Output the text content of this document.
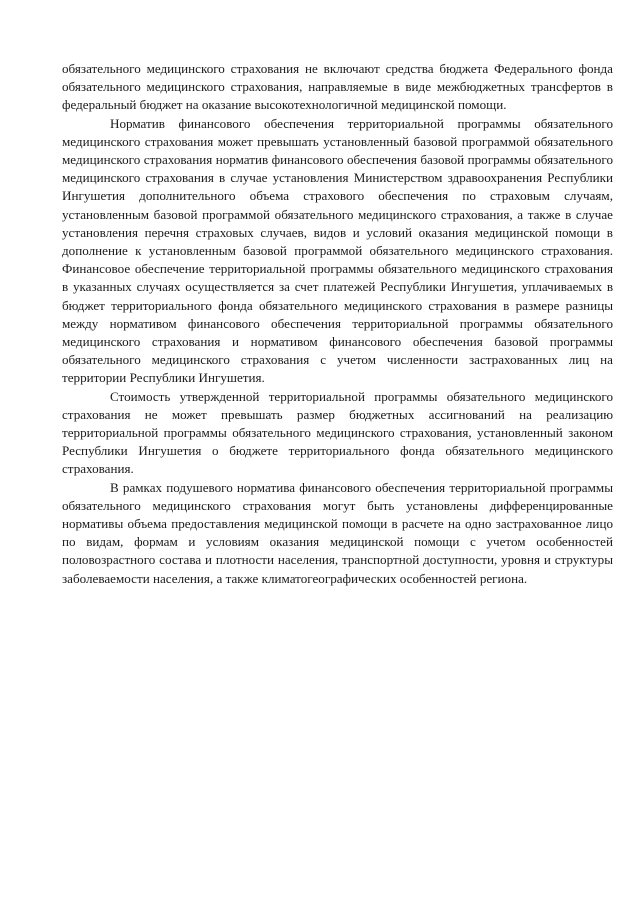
обязательного медицинского страхования не включают средства бюджета Федерального фонда обязательного медицинского страхования, направляемые в виде межбюджетных трансфертов в федеральный бюджет на оказание высокотехнологичной медицинской помощи.

Норматив финансового обеспечения территориальной программы обязательного медицинского страхования может превышать установленный базовой программой обязательного медицинского страхования норматив финансового обеспечения базовой программы обязательного медицинского страхования в случае установления Министерством здравоохранения Республики Ингушетия дополнительного объема страхового обеспечения по страховым случаям, установленным базовой программой обязательного медицинского страхования, а также в случае установления перечня страховых случаев, видов и условий оказания медицинской помощи в дополнение к установленным базовой программой обязательного медицинского страхования. Финансовое обеспечение территориальной программы обязательного медицинского страхования в указанных случаях осуществляется за счет платежей Республики Ингушетия, уплачиваемых в бюджет территориального фонда обязательного медицинского страхования в размере разницы между нормативом финансового обеспечения территориальной программы обязательного медицинского страхования и нормативом финансового обеспечения базовой программы обязательного медицинского страхования с учетом численности застрахованных лиц на территории Республики Ингушетия.

Стоимость утвержденной территориальной программы обязательного медицинского страхования не может превышать размер бюджетных ассигнований на реализацию территориальной программы обязательного медицинского страхования, установленный законом Республики Ингушетия о бюджете территориального фонда обязательного медицинского страхования.

В рамках подушевого норматива финансового обеспечения территориальной программы обязательного медицинского страхования могут быть установлены дифференцированные нормативы объема предоставления медицинской помощи в расчете на одно застрахованное лицо по видам, формам и условиям оказания медицинской помощи с учетом особенностей половозрастного состава и плотности населения, транспортной доступности, уровня и структуры заболеваемости населения, а также климатогеографических особенностей региона.
